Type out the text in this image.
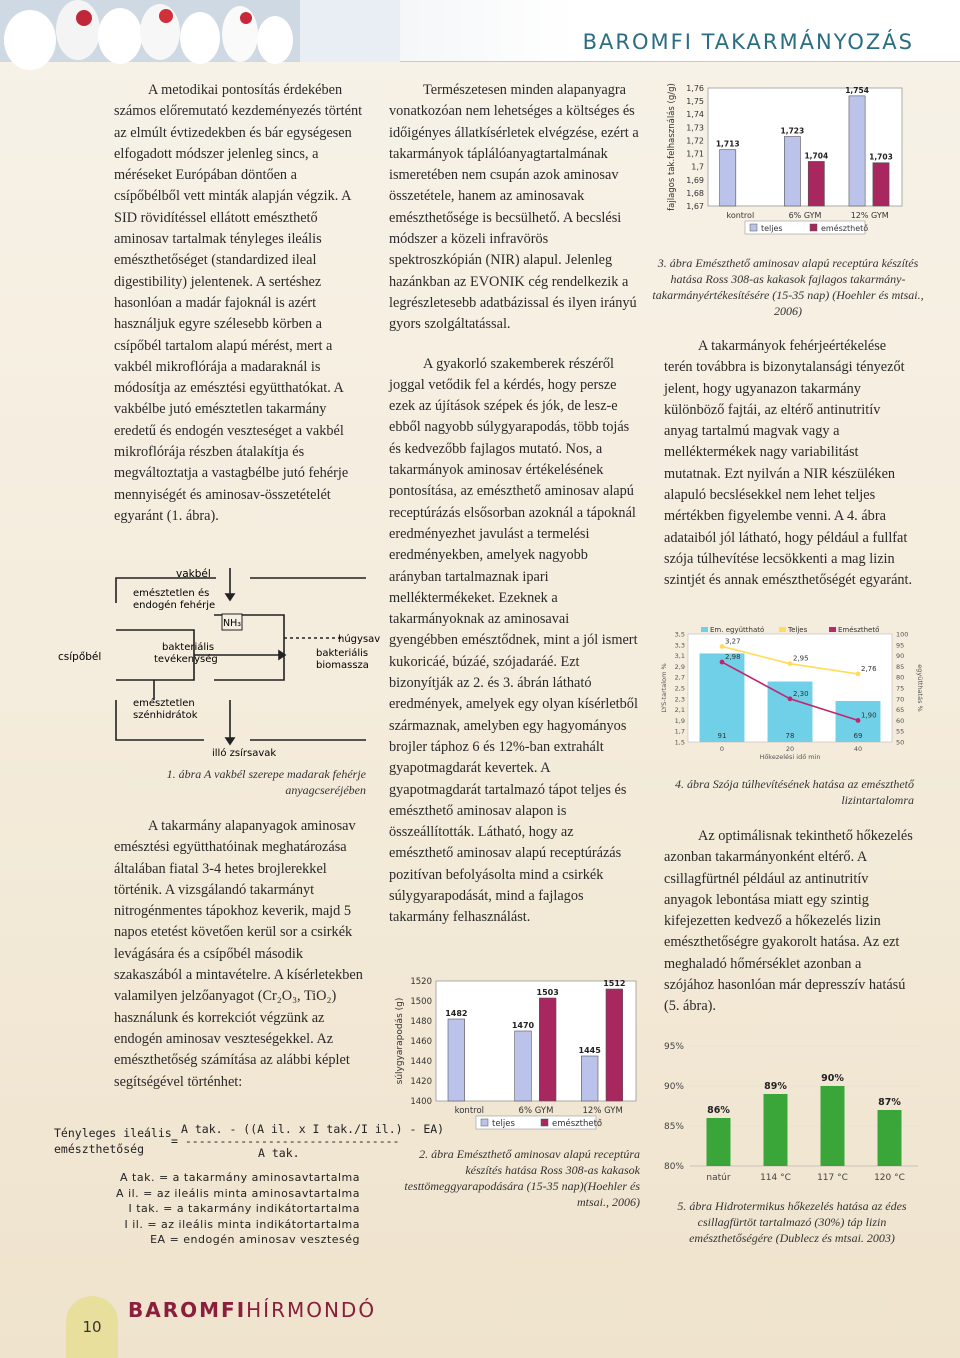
BAROMFI TAKARMÁNYOZÁS

A metodikai pontosítás érdekében számos előremutató kezdeményezés történt az elmúlt évtizedekben és bár egységesen elfogadott módszer jelenleg sincs, a méréseket Európában döntően a csípőbélből vett minták alapján végzik. A SID rövidítéssel ellátott emészthető aminosav tartalmak tényleges ileális emészthetőséget (standardized ileal digestibility) jelentenek. A sertéshez hasonlóan a madár fajoknál is azért használjuk egyre szélesebb körben a csípőbél tartalom alapú mérést, mert a vakbél mikroflórája a madaraknál is módosítja az emésztési együtthatókat. A vakbélbe jutó emésztetlen takarmány eredetű és endogén veszteséget a vakbél mikroflórája részben átalakítja és megváltoztatja a vastagbélbe jutó fehérje mennyiségét és aminosav-összetételét egyaránt (1. ábra).

NH₃
vakbél
emésztetlen és
endogén fehérje
bakteriális
tevékenység
csípőbél
húgysav
bakteriális
biomassza
emésztetlen
szénhidrátok
illó zsírsavak
1. ábra A vakbél szerepe madarak fehérje
anyagcseréjében

A takarmány alapanyagok aminosav emésztési együtthatóinak meghatározása általában fiatal 3-4 hetes brojlerekkel történik. A vizsgálandó takarmányt nitrogénmentes tápokhoz keverik, majd 5 napos etetést követően kerül sor a csirkék levágására és a csípőbél második szakaszából a mintavételre. A kísérletekben valamilyen jelzőanyagot (Cr₂O₃, TiO₂) használunk és korrekciót végzünk az endogén aminosav veszteségekkel. Az emészthetőség számítása az alábbi képlet segítségével történhet:

Tényleges ileális
emészthetőség
A tak. - ((A il. x I tak./I il.) - EA)
= -------------------------------
A tak.
A tak. = a takarmány aminosavtartalma
A il. = az ileális minta aminosavtartalma
I tak. = a takarmány indikátortartalma
I il. = az ileális minta indikátortartalma
EA = endogén aminosav veszteség

Természetesen minden alapanyagra vonatkozóan nem lehetséges a költséges és időigényes állatkísérletek elvégzése, ezért a takarmányok táplálóanyagtartalmának ismeretében nem csupán azok aminosav összetétele, hanem az aminosavak emészthetősége is becsülhető. A becslési módszer a közeli infravörös spektroszkópián (NIR) alapul. Jelenleg hazánkban az EVONIK cég rendelkezik a legrészletesebb adatbázissal és ilyen irányú gyors szolgáltatással.

A gyakorló szakemberek részéről joggal vetődik fel a kérdés, hogy persze ezek az újítások szépek és jók, de lesz-e ebből nagyobb súlygyarapodás, több tojás és kedvezőbb fajlagos mutató. Nos, a takarmányok aminosav értékelésének pontosítása, az emészthető aminosav alapú receptúrázás elsősorban azoknál a tápoknál eredményezhet javulást a termelési eredményekben, amelyek nagyobb arányban tartalmaznak ipari melléktermékeket. Ezeknek a takarmányoknak az aminosavai gyengébben emésztődnek, mint a jól ismert kukoricáé, búzáé, szójadaráé. Ezt bizonyítják az 2. és 3. ábrán látható eredmények, amelyek egy olyan kísérletből származnak, amelyben egy hagyományos brojler táphoz 6 és 12%-ban extrahált gyapotmagdarát kevertek. A gyapotmagdarát tartalmazó tápot teljes és emészthető aminosav alapon is összeállították. Látható, hogy az emészthető aminosav alapú receptúrázás pozitívan befolyásolta mind a csirkék súlygyarapodását, mind a fajlagos takarmány felhasználást.

1400
1420
1440
1460
1480
1500
1520
súlygyarapodás (g)
kontrol
1482
6% GYM
1470
1503
12% GYM
1445
1512
teljes	emészthető
2. ábra Emészthető aminosav alapú receptúra készítés hatása Ross 308-as kakasok testtömeggyarapodására (15-35 nap)(Hoehler és mtsai., 2006)
1,67
1,68
1,69
1,7
1,71
1,72
1,73
1,74
1,75
1,76
fajlagos tak.felhasználás (g/g)
kontrol
1,713
6% GYM
1,723
1,704
12% GYM
1,754
1,703
teljes	emészthető
3. ábra Emészthető aminosav alapú receptúra készítés hatása Ross 308-as kakasok fajlagos takarmány-takarmányértékesítésére (15-35 nap) (Hoehler és mtsai., 2006)

A takarmányok fehérjeértékelése terén továbbra is bizonytalansági tényezőt jelent, hogy ugyanazon takarmány különböző fajtái, az eltérő antinutritív anyag tartalmú magvak vagy a melléktermékek nagy variabilitást mutatnak. Ezt nyilván a NIR készüléken alapuló becslésekkel nem lehet teljes mértékben figyelembe venni. A 4. ábra adataiból jól látható, hogy például a fullfat szója túlhevítése lecsökkenti a mag lizin szintjét és annak emészthetőségét egyaránt.

1,5
1,7
1,9
2,1
2,3
2,5
2,7
2,9
3,1
3,3
3,5
50
55
60
65
70
75
80
85
90
95
100
LYS-tartalom %	együtthatás %
Hőkezelési idő min
0
91
20
78
40
69
3,27
2,95
2,76
2,98
2,30
1,90
Em. együttható	Teljes	Emészthető
4. ábra Szója túlhevítésének hatása az emészthető lizintartalomra

Az optimálisnak tekinthető hőkezelés azonban takarmányonként eltérő. A csillagfürtnél például az antinutritív anyagok lebontása miatt egy szintig kifejezetten kedvező a hőkezelés lizin emészthetőségre gyakorolt hatása. Az ezt meghaladó hőmérséklet azonban a szójához hasonlóan már depresszív hatású (5. ábra).

80%
85%
90%
95%
86%
natúr
89%
114 °C
90%
117 °C
87%
120 °C
5. ábra Hidrotermikus hőkezelés hatása az édes csillagfürtöt tartalmazó (30%) táp lizin emészthetőségére (Dublecz és mtsai. 2003)
10
BAROMFIHÍRMONDÓ
